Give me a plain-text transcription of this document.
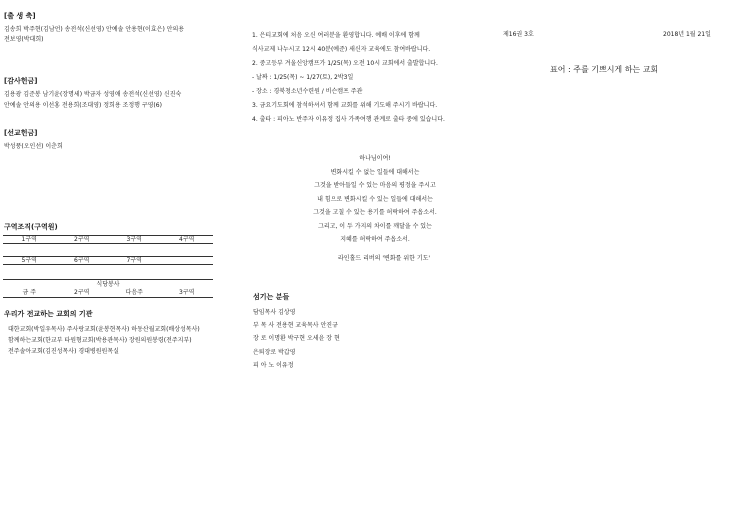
[출 생 축]
김송희 박주현(김남언) 송전석(신선영) 안예솔 안용현(이효은) 안의용
전보영(박대희)
[감사헌금]
김용광 김준봉 남기윤(장명세) 박금자 성영애 송전석(신선영) 신진숙
안예솔 안의용 이선홍 전용희(조대영) 정희용 조정행 구영(6)
[선교헌금]
박성풍(오인선) 이춘희
구역조직(구역원)
1구역	2구역	3구역	4구역
5구역	6구역	7구역	
식당봉사
금 주	2구역	다음주	3구역
우리가 전교하는 교회의 기관
대한교회(박일우목사) 주사랑교회(윤봉현목사) 하동산월교회(배상성목사)
함께하는교회(한교부 타원형교회(박용관목사) 장원의원봉령(전주지부)
전주솔아교회(김진성목사) 경대병원원목실
1. 은티교회에 처음 오신 여러분을 환영합니다. 예배 이후에 함께
식사교제 나누시고 12시 40분(예준) 새신자 교육에도 참여바랍니다.
2. 중고등부 겨울신앙캠프가 1/25(목) 오전 10시 교회에서 출발합니다.
- 날짜 : 1/25(목) ~ 1/27(토), 2박3일
- 장소 : 경북청소년수련원 / 비슨캠프 주관
3. 금요기도회에 참석하셔서 함께 교회를 위해 기도해 주시기 바랍니다.
4. 출타 : 피아노 반주자 이유정 집사 가족여행 관계로 출타 중에 있습니다.
하나님이여!
변화시킬 수 없는 일들에 대해서는
그것을 받아들일 수 있는 마음의 평정을 주시고
내 힘으로 변화시킬 수 있는 일들에 대해서는
그것을 고칠 수 있는 용기를 허락하여 주옵소서.
그리고, 이 두 가지의 차이를 깨달을 수 있는
지혜를 허락하여 주옵소서.
라인홀드 리버의 '변화를 위한 기도'
섬기는 분들
담임목사 김상영
부 목 사 전용현 교육목사 안진규
장 로 이명환 박구현 오세윤 장 현
은퇴장로 박갑영
피 아 노 이유정
제16권 3호	2018년 1월 21일
표어 : 주를 기쁘시게 하는 교회
